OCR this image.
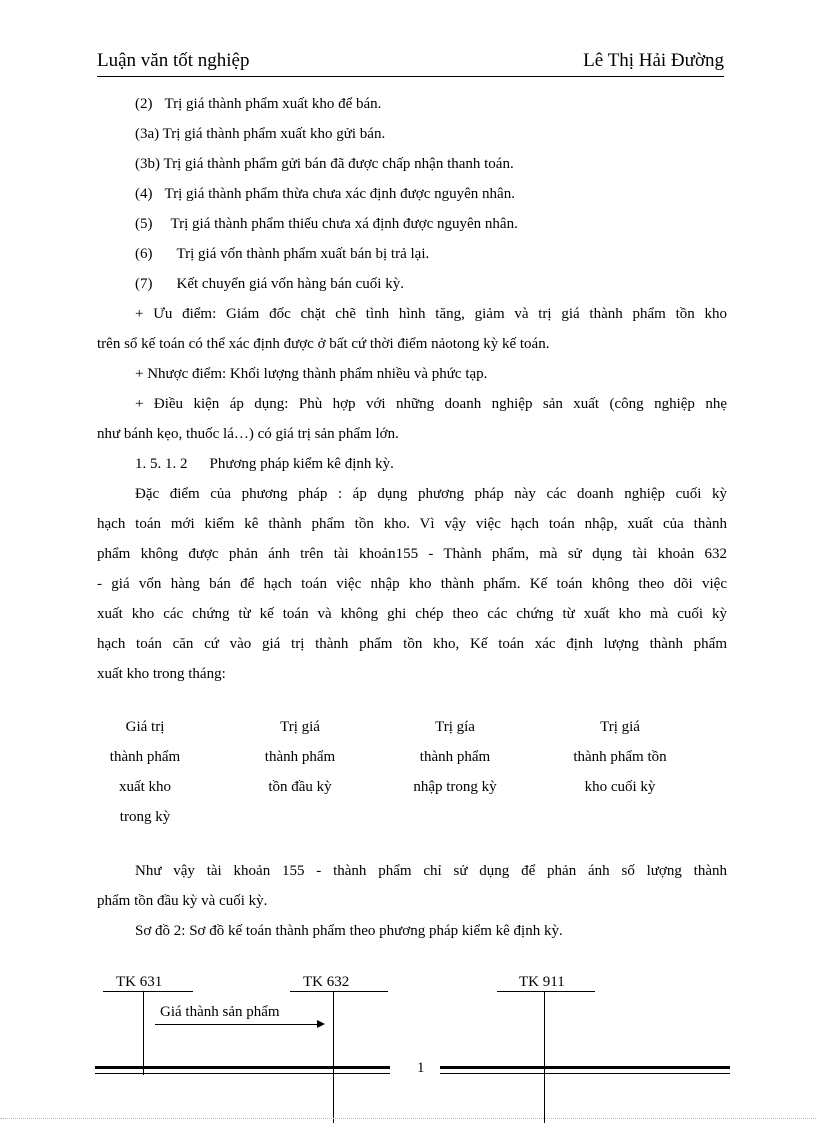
Luận văn tốt nghiệp	Lê Thị Hải Đường
(2) Trị giá thành phẩm xuất kho để bán.
(3a) Trị giá thành phẩm xuất kho gửi bán.
(3b) Trị giá thành phẩm gửi bán đã được chấp nhận thanh toán.
(4) Trị giá thành phẩm thừa chưa xác định được nguyên nhân.
(5) Trị giá thành phẩm thiếu chưa xá định được nguyên nhân.
(6) Trị giá vốn thành phẩm xuất bán bị trả lại.
(7) Kết chuyển giá vốn hàng bán cuối kỳ.
+ Ưu điểm: Giám đốc chặt chẽ tình hình tăng, giảm và trị giá thành phẩm tồn kho
trên sổ kế toán có thể xác định được ở bất cứ thời điểm nảotong kỳ kế toán.
+ Nhược điểm: Khối lượng thành phẩm nhiều và phức tạp.
+ Điều kiện áp dụng: Phù hợp với những doanh nghiệp sản xuất (công nghiệp nhẹ
như bánh kẹo, thuốc lá…) có giá trị sản phẩm lớn.
1. 5. 1. 2 Phương pháp kiểm kê định kỳ.
Đặc điểm của phương pháp : áp dụng phương pháp này các doanh nghiệp cuối kỳ
hạch toán mới kiểm kê thành phẩm tồn kho. Vì vậy việc hạch toán nhập, xuất của thành
phẩm không được phản ánh trên tài khoản155 - Thành phẩm, mà sử dụng tài khoản 632
- giá vốn hàng bán để hạch toán việc nhập kho thành phẩm. Kế toán không theo dõi việc
xuất kho các chứng từ kế toán và không ghi chép theo các chứng từ xuất kho mà cuối kỳ
hạch toán căn cứ vào giá trị thành phẩm tồn kho, Kế toán xác định lượng thành phẩm
xuất kho trong tháng:
Giá trị
thành phẩm
xuất kho
trong kỳ
Trị giá
thành phẩm
tồn đầu kỳ
Trị gía
thành phẩm
nhập trong kỳ
Trị giá
thành phẩm tồn
kho cuối kỳ
Như vậy tài khoản 155 - thành phẩm chỉ sử dụng để phản ánh số lượng thành
phẩm tồn đầu kỳ và cuối kỳ.
Sơ đồ 2: Sơ đồ kế toán thành phẩm theo phương pháp kiểm kê định kỳ.
TK 631	TK 632	TK 911
Giá thành sản phẩm
1
